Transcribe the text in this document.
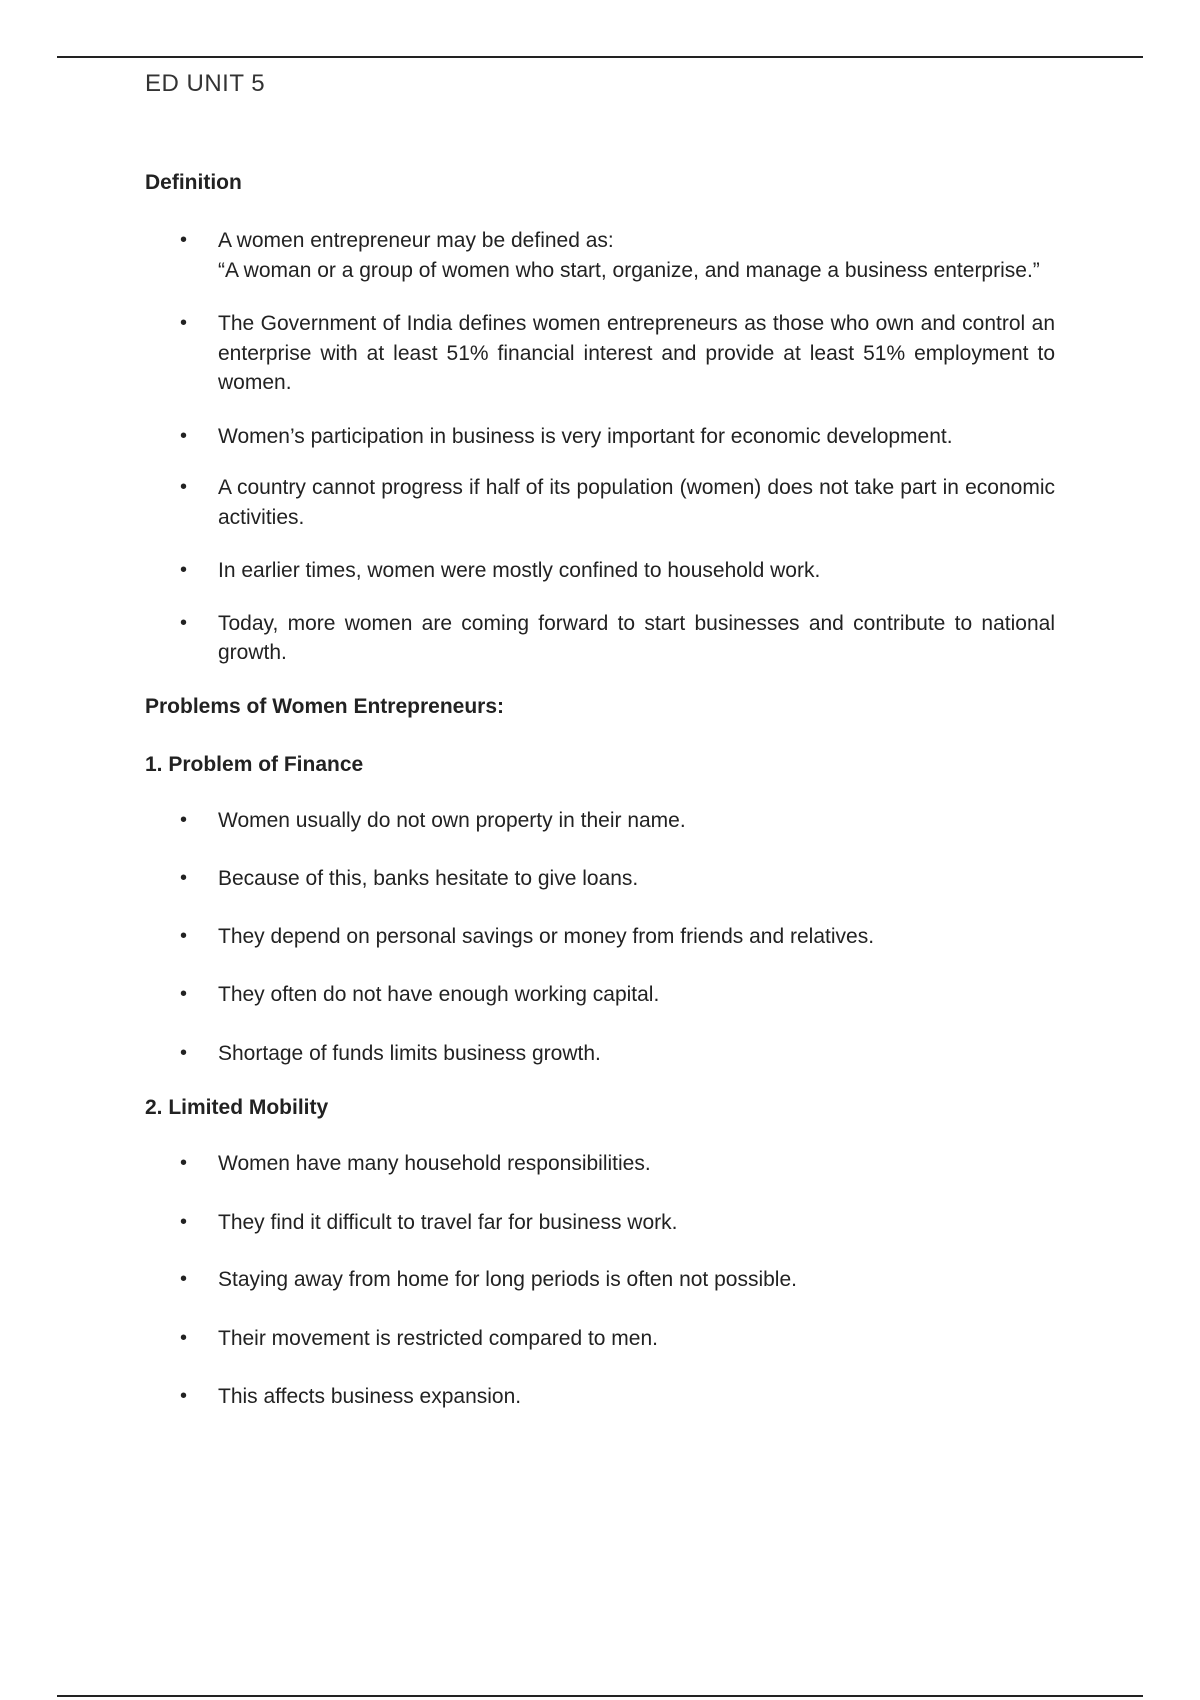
ED UNIT 5
Definition
• A women entrepreneur may be defined as:
“A woman or a group of women who start, organize, and manage a business enterprise.”
• The Government of India defines women entrepreneurs as those who own and control an enterprise with at least 51% financial interest and provide at least 51% employment to women.
• Women’s participation in business is very important for economic development.
• A country cannot progress if half of its population (women) does not take part in economic activities.
• In earlier times, women were mostly confined to household work.
• Today, more women are coming forward to start businesses and contribute to national growth.
Problems of Women Entrepreneurs:
1. Problem of Finance
• Women usually do not own property in their name.
• Because of this, banks hesitate to give loans.
• They depend on personal savings or money from friends and relatives.
• They often do not have enough working capital.
• Shortage of funds limits business growth.
2. Limited Mobility
• Women have many household responsibilities.
• They find it difficult to travel far for business work.
• Staying away from home for long periods is often not possible.
• Their movement is restricted compared to men.
• This affects business expansion.
